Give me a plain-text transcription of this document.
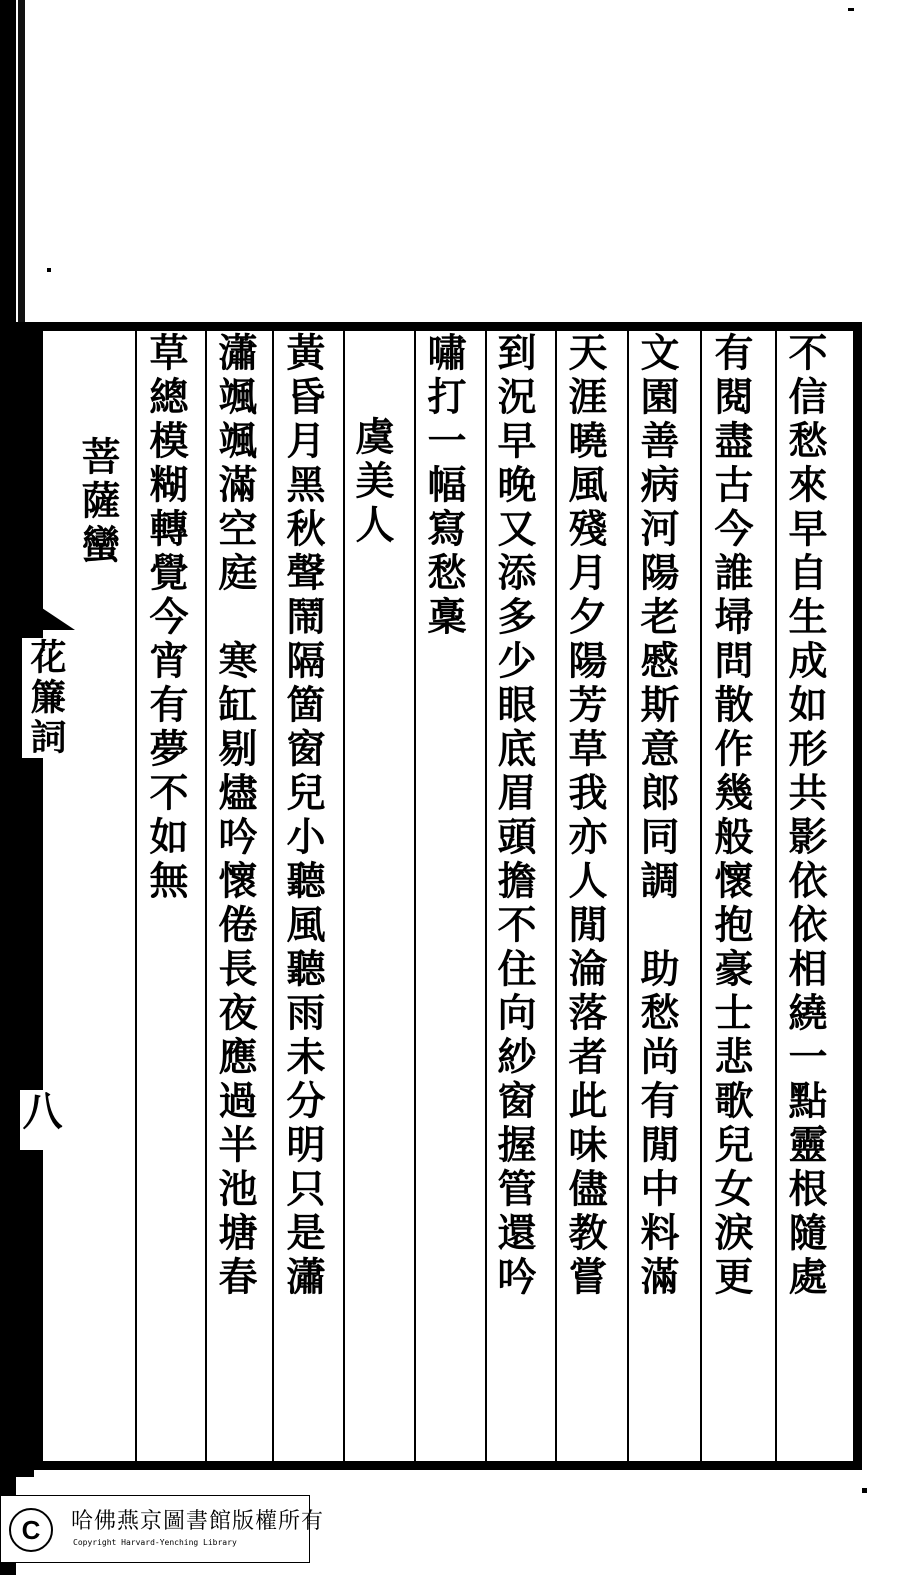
不信愁來早自生成如形共影依依相繞一點靈根隨處
有閱盡古今誰埽問散作幾般懷抱豪士悲歌兒女淚更
文園善病河陽老慼斯意郎同調　助愁尚有閒中料滿
天涯曉風殘月夕陽芳草我亦人閒淪落者此味儘教嘗
到況早晚又添多少眼底眉頭擔不住向紗窗握管還吟
嘯打一幅寫愁稾
　虞美人
黃昏月黑秋聲鬧隔箇窗兒小聽風聽雨未分明只是瀟
瀟颯颯滿空庭　寒缸剔燼吟懷倦長夜應過半池塘春
草總模糊轉覺今宵有夢不如無
　菩薩蠻
花簾詞
八
C	哈佛燕京圖書館版權所有
Copyright Harvard-Yenching Library
